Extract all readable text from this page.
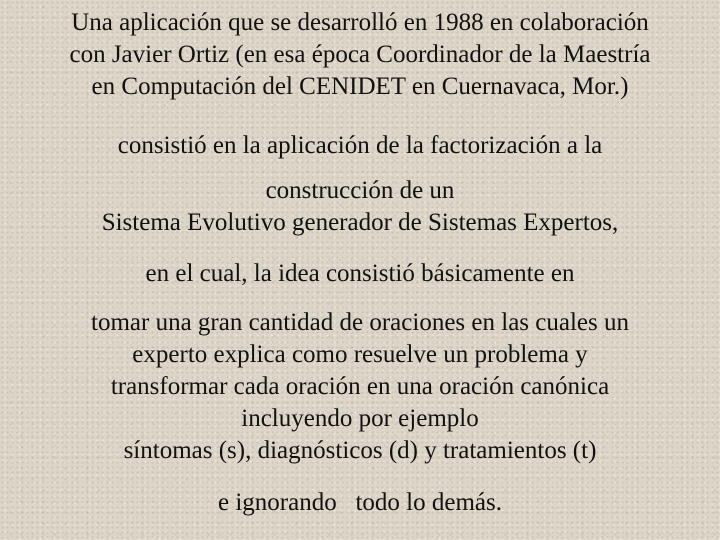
Una aplicación que se desarrolló en 1988 en colaboración
con Javier Ortiz (en esa época Coordinador de la Maestría
en Computación del CENIDET en Cuernavaca, Mor.)

consistió en la aplicación de la factorización a la

construcción de un
Sistema Evolutivo generador de Sistemas Expertos,

en el cual, la idea consistió básicamente en

tomar una gran cantidad de oraciones en las cuales un
experto explica como resuelve un problema y
transformar cada oración en una oración canónica
incluyendo por ejemplo
síntomas (s), diagnósticos (d) y tratamientos (t)

e ignorando   todo lo demás.
